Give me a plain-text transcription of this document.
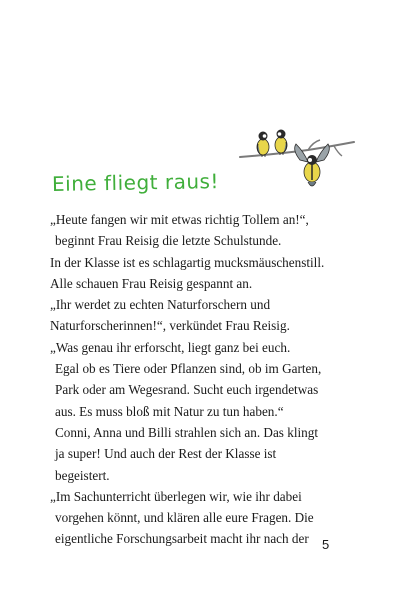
Eine fliegt raus!
„Heute fangen wir mit etwas richtig Tollem an!“,
beginnt Frau Reisig die letzte Schulstunde.
In der Klasse ist es schlagartig mucksmäuschenstill.
Alle schauen Frau Reisig gespannt an.
„Ihr werdet zu echten Naturforschern und
Naturforscherinnen!“, verkündet Frau Reisig.
„Was genau ihr erforscht, liegt ganz bei euch.
Egal ob es Tiere oder Pflanzen sind, ob im Garten,
Park oder am Wegesrand. Sucht euch irgendetwas
aus. Es muss bloß mit Natur zu tun haben.“
Conni, Anna und Billi strahlen sich an. Das klingt
ja super! Und auch der Rest der Klasse ist
begeistert.
„Im Sachunterricht überlegen wir, wie ihr dabei
vorgehen könnt, und klären alle eure Fragen. Die
eigentliche Forschungsarbeit macht ihr nach der	5
